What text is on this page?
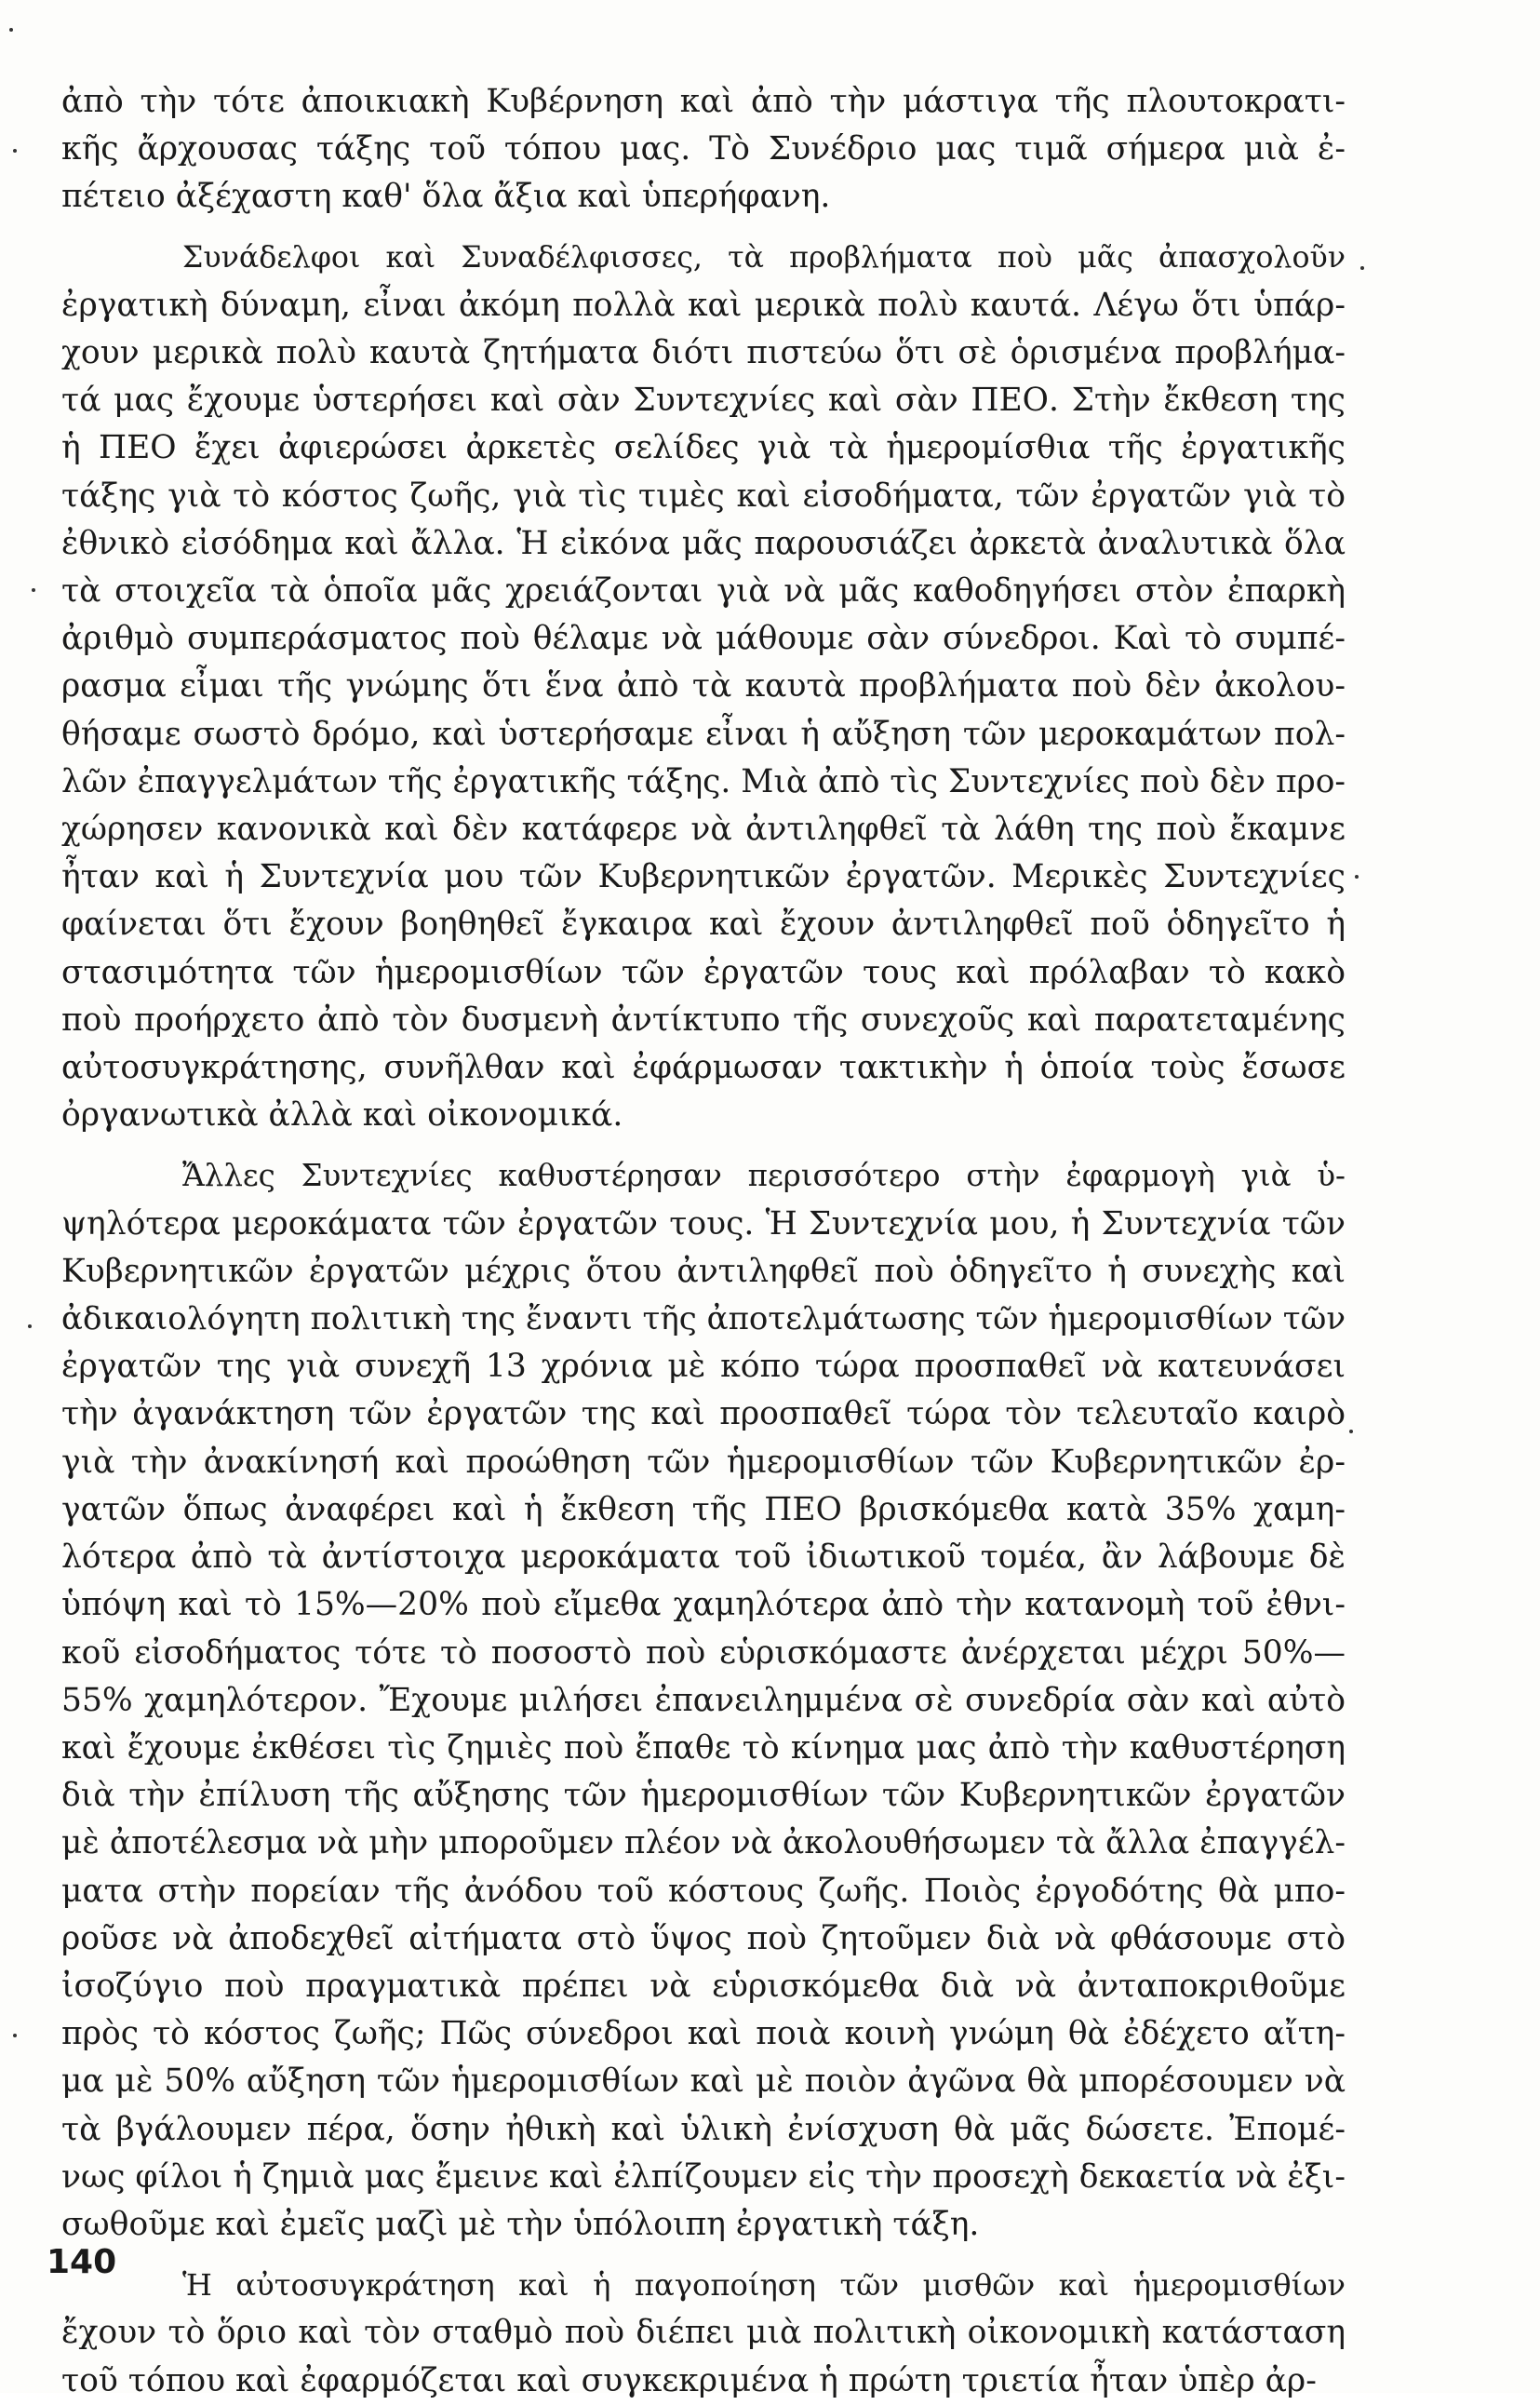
ἀπὸ τὴν τότε ἀποικιακὴ Κυβέρνηση καὶ ἀπὸ τὴν μάστιγα τῆς πλουτοκρατι-
κῆς ἄρχουσας τάξης τοῦ τόπου μας. Τὸ Συνέδριο μας τιμᾶ σήμερα μιὰ ἐ-
πέτειο ἀξέχαστη καθ' ὅλα ἄξια καὶ ὑπερήφανη.
Συνάδελφοι καὶ Συναδέλφισσες, τὰ προβλήματα ποὺ μᾶς ἀπασχολοῦν
ἐργατικὴ δύναμη, εἶναι ἀκόμη πολλὰ καὶ μερικὰ πολὺ καυτά. Λέγω ὅτι ὑπάρ-
χουν μερικὰ πολὺ καυτὰ ζητήματα διότι πιστεύω ὅτι σὲ ὁρισμένα προβλήμα-
τά μας ἔχουμε ὑστερήσει καὶ σὰν Συντεχνίες καὶ σὰν ΠΕΟ. Στὴν ἔκθεση της
ἡ ΠΕΟ ἔχει ἀφιερώσει ἀρκετὲς σελίδες γιὰ τὰ ἡμερομίσθια τῆς ἐργατικῆς
τάξης γιὰ τὸ κόστος ζωῆς, γιὰ τὶς τιμὲς καὶ εἰσοδήματα, τῶν ἐργατῶν γιὰ τὸ
ἐθνικὸ εἰσόδημα καὶ ἄλλα. Ἡ εἰκόνα μᾶς παρουσιάζει ἀρκετὰ ἀναλυτικὰ ὅλα
τὰ στοιχεῖα τὰ ὁποῖα μᾶς χρειάζονται γιὰ νὰ μᾶς καθοδηγήσει στὸν ἐπαρκὴ
ἀριθμὸ συμπεράσματος ποὺ θέλαμε νὰ μάθουμε σὰν σύνεδροι. Καὶ τὸ συμπέ-
ρασμα εἶμαι τῆς γνώμης ὅτι ἕνα ἀπὸ τὰ καυτὰ προβλήματα ποὺ δὲν ἀκολου-
θήσαμε σωστὸ δρόμο, καὶ ὑστερήσαμε εἶναι ἡ αὔξηση τῶν μεροκαμάτων πολ-
λῶν ἐπαγγελμάτων τῆς ἐργατικῆς τάξης. Μιὰ ἀπὸ τὶς Συντεχνίες ποὺ δὲν προ-
χώρησεν κανονικὰ καὶ δὲν κατάφερε νὰ ἀντιληφθεῖ τὰ λάθη της ποὺ ἔκαμνε
ἦταν καὶ ἡ Συντεχνία μου τῶν Κυβερνητικῶν ἐργατῶν. Μερικὲς Συντεχνίες
φαίνεται ὅτι ἔχουν βοηθηθεῖ ἔγκαιρα καὶ ἔχουν ἀντιληφθεῖ ποῦ ὁδηγεῖτο ἡ
στασιμότητα τῶν ἡμερομισθίων τῶν ἐργατῶν τους καὶ πρόλαβαν τὸ κακὸ
ποὺ προήρχετο ἀπὸ τὸν δυσμενὴ ἀντίκτυπο τῆς συνεχοῦς καὶ παρατεταμένης
αὐτοσυγκράτησης, συνῆλθαν καὶ ἐφάρμωσαν τακτικὴν ἡ ὁποία τοὺς ἔσωσε
ὀργανωτικὰ ἀλλὰ καὶ οἰκονομικά.
Ἄλλες Συντεχνίες καθυστέρησαν περισσότερο στὴν ἐφαρμογὴ γιὰ ὑ-
ψηλότερα μεροκάματα τῶν ἐργατῶν τους. Ἡ Συντεχνία μου, ἡ Συντεχνία τῶν
Κυβερνητικῶν ἐργατῶν μέχρις ὅτου ἀντιληφθεῖ ποὺ ὁδηγεῖτο ἡ συνεχὴς καὶ
ἀδικαιολόγητη πολιτικὴ της ἔναντι τῆς ἀποτελμάτωσης τῶν ἡμερομισθίων τῶν
ἐργατῶν της γιὰ συνεχῆ 13 χρόνια μὲ κόπο τώρα προσπαθεῖ νὰ κατευνάσει
τὴν ἀγανάκτηση τῶν ἐργατῶν της καὶ προσπαθεῖ τώρα τὸν τελευταῖο καιρὸ
γιὰ τὴν ἀνακίνησή καὶ προώθηση τῶν ἡμερομισθίων τῶν Κυβερνητικῶν ἐρ-
γατῶν ὅπως ἀναφέρει καὶ ἡ ἔκθεση τῆς ΠΕΟ βρισκόμεθα κατὰ 35% χαμη-
λότερα ἀπὸ τὰ ἀντίστοιχα μεροκάματα τοῦ ἰδιωτικοῦ τομέα, ἂν λάβουμε δὲ
ὑπόψη καὶ τὸ 15%—20% ποὺ εἴμεθα χαμηλότερα ἀπὸ τὴν κατανομὴ τοῦ ἐθνι-
κοῦ εἰσοδήματος τότε τὸ ποσοστὸ ποὺ εὑρισκόμαστε ἀνέρχεται μέχρι 50%—
55% χαμηλότερον. Ἔχουμε μιλήσει ἐπανειλημμένα σὲ συνεδρία σὰν καὶ αὐτὸ
καὶ ἔχουμε ἐκθέσει τὶς ζημιὲς ποὺ ἔπαθε τὸ κίνημα μας ἀπὸ τὴν καθυστέρηση
διὰ τὴν ἐπίλυση τῆς αὔξησης τῶν ἡμερομισθίων τῶν Κυβερνητικῶν ἐργατῶν
μὲ ἀποτέλεσμα νὰ μὴν μποροῦμεν πλέον νὰ ἀκολουθήσωμεν τὰ ἄλλα ἐπαγγέλ-
ματα στὴν πορείαν τῆς ἀνόδου τοῦ κόστους ζωῆς. Ποιὸς ἐργοδότης θὰ μπο-
ροῦσε νὰ ἀποδεχθεῖ αἰτήματα στὸ ὕψος ποὺ ζητοῦμεν διὰ νὰ φθάσουμε στὸ
ἰσοζύγιο ποὺ πραγματικὰ πρέπει νὰ εὑρισκόμεθα διὰ νὰ ἀνταποκριθοῦμε
πρὸς τὸ κόστος ζωῆς; Πῶς σύνεδροι καὶ ποιὰ κοινὴ γνώμη θὰ ἐδέχετο αἴτη-
μα μὲ 50% αὔξηση τῶν ἡμερομισθίων καὶ μὲ ποιὸν ἀγῶνα θὰ μπορέσουμεν νὰ
τὰ βγάλουμεν πέρα, ὅσην ἠθικὴ καὶ ὑλικὴ ἐνίσχυση θὰ μᾶς δώσετε. Ἐπομέ-
νως φίλοι ἡ ζημιὰ μας ἔμεινε καὶ ἐλπίζουμεν εἰς τὴν προσεχὴ δεκαετία νὰ ἐξι-
σωθοῦμε καὶ ἐμεῖς μαζὶ μὲ τὴν ὑπόλοιπη ἐργατικὴ τάξη.
Ἡ αὐτοσυγκράτηση καὶ ἡ παγοποίηση τῶν μισθῶν καὶ ἡμερομισθίων
ἔχουν τὸ ὅριο καὶ τὸν σταθμὸ ποὺ διέπει μιὰ πολιτικὴ οἰκονομικὴ κατάσταση
τοῦ τόπου καὶ ἐφαρμόζεται καὶ συγκεκριμένα ἡ πρώτη τριετία ἦταν ὑπὲρ ἀρ-
140
